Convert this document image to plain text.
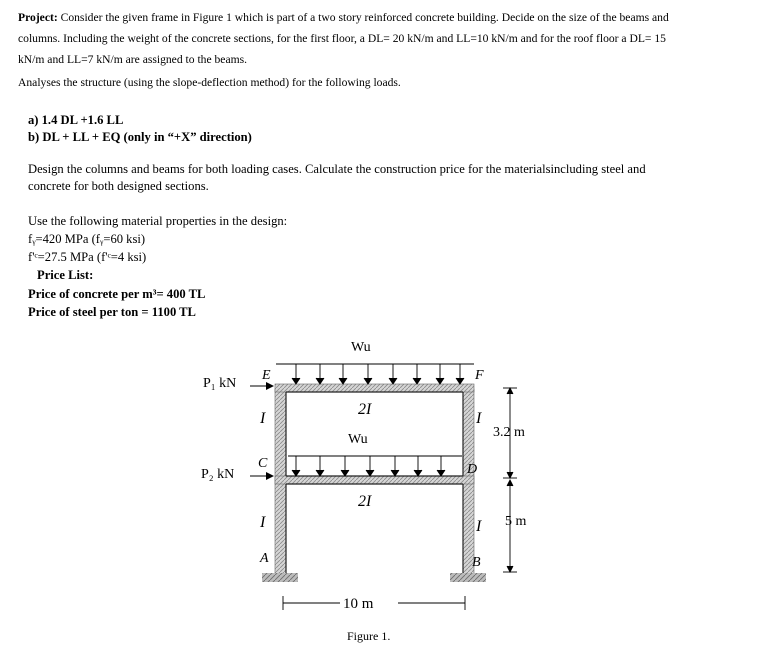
Project: Consider the given frame in Figure 1 which is part of a two story reinforced concrete building. Decide on the size of the beams and
columns. Including the weight of the concrete sections, for the first floor, a DL= 20 kN/m and LL=10 kN/m and for the roof floor a DL= 15
kN/m and LL=7 kN/m are assigned to the beams.
Analyses the structure (using the slope-deflection method) for the following loads.
a) 1.4 DL +1.6 LL
b) DL + LL + EQ (only in “+X” direction)
Design the columns and beams for both loading cases. Calculate the construction price for the materialsincluding steel and
concrete for both designed sections.
Use the following material properties in the design:
fᵧ=420 MPa (fᵧ=60 ksi)
f'ᶜ=27.5 MPa (f'ᶜ=4 ksi)
Price List:
Price of concrete per m³= 400 TL
Price of steel per ton = 1100 TL
Wu
Wu
P₁ kN
P₂ kN
E	F
C	D
A	B
2I
2I
I	I
I	I
3.2 m
5 m
10 m
Figure 1.
